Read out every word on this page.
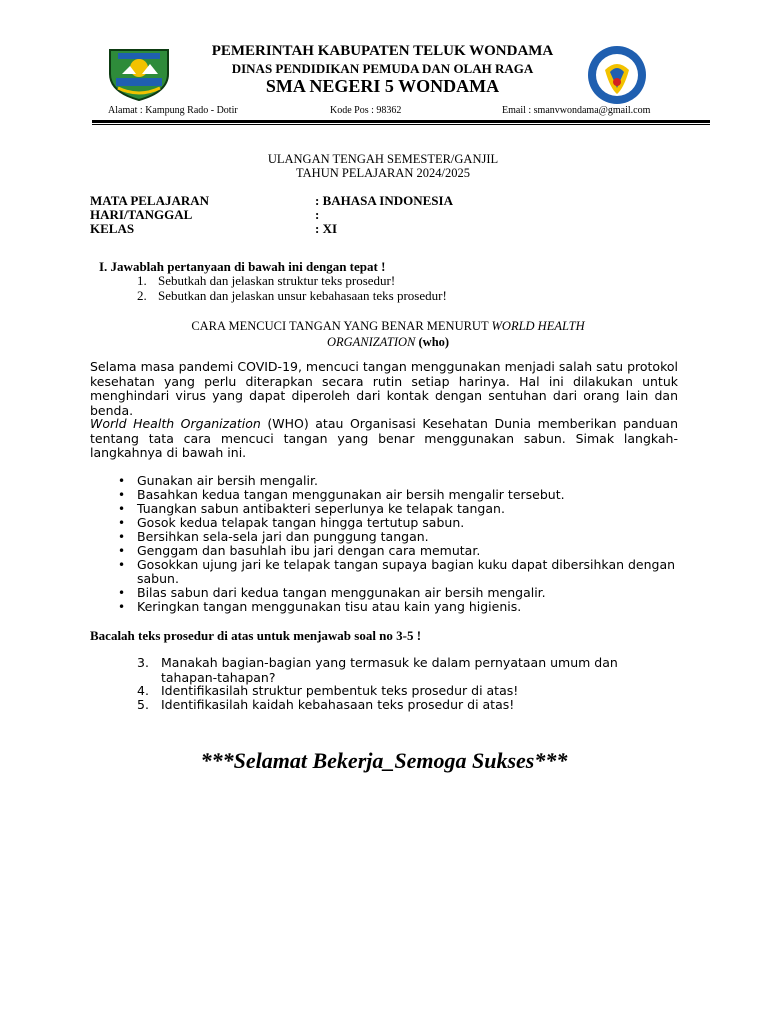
PEMERINTAH KABUPATEN TELUK WONDAMA
DINAS PENDIDIKAN PEMUDA DAN OLAH RAGA
SMA NEGERI 5 WONDAMA
Alamat : Kampung Rado - Dotir	Kode Pos : 98362	Email : smanvwondama@gmail.com
ULANGAN TENGAH SEMESTER/GANJIL
TAHUN PELAJARAN 2024/2025
MATA PELAJARAN	: BAHASA INDONESIA
HARI/TANGGAL	:
KELAS	: XI
I. Jawablah pertanyaan di bawah ini dengan tepat !
1. Sebutkah dan jelaskan struktur teks prosedur!
2. Sebutkan dan jelaskan unsur kebahasaan teks prosedur!
CARA MENCUCI TANGAN YANG BENAR MENURUT WORLD HEALTH
ORGANIZATION (who)
Selama masa pandemi COVID-19, mencuci tangan menggunakan menjadi salah satu protokol kesehatan yang perlu diterapkan secara rutin setiap harinya. Hal ini dilakukan untuk menghindari virus yang dapat diperoleh dari kontak dengan sentuhan dari orang lain dan benda.
World Health Organization (WHO) atau Organisasi Kesehatan Dunia memberikan panduan tentang tata cara mencuci tangan yang benar menggunakan sabun. Simak langkah-langkahnya di bawah ini.
• Gunakan air bersih mengalir.
• Basahkan kedua tangan menggunakan air bersih mengalir tersebut.
• Tuangkan sabun antibakteri seperlunya ke telapak tangan.
• Gosok kedua telapak tangan hingga tertutup sabun.
• Bersihkan sela-sela jari dan punggung tangan.
• Genggam dan basuhlah ibu jari dengan cara memutar.
• Gosokkan ujung jari ke telapak tangan supaya bagian kuku dapat dibersihkan dengan sabun.
• Bilas sabun dari kedua tangan menggunakan air bersih mengalir.
• Keringkan tangan menggunakan tisu atau kain yang higienis.
Bacalah teks prosedur di atas untuk menjawab soal no 3-5 !
3. Manakah bagian-bagian yang termasuk ke dalam pernyataan umum dan tahapan-tahapan?
4. Identifikasilah struktur pembentuk teks prosedur di atas!
5. Identifikasilah kaidah kebahasaan teks prosedur di atas!
***Selamat Bekerja_Semoga Sukses***
